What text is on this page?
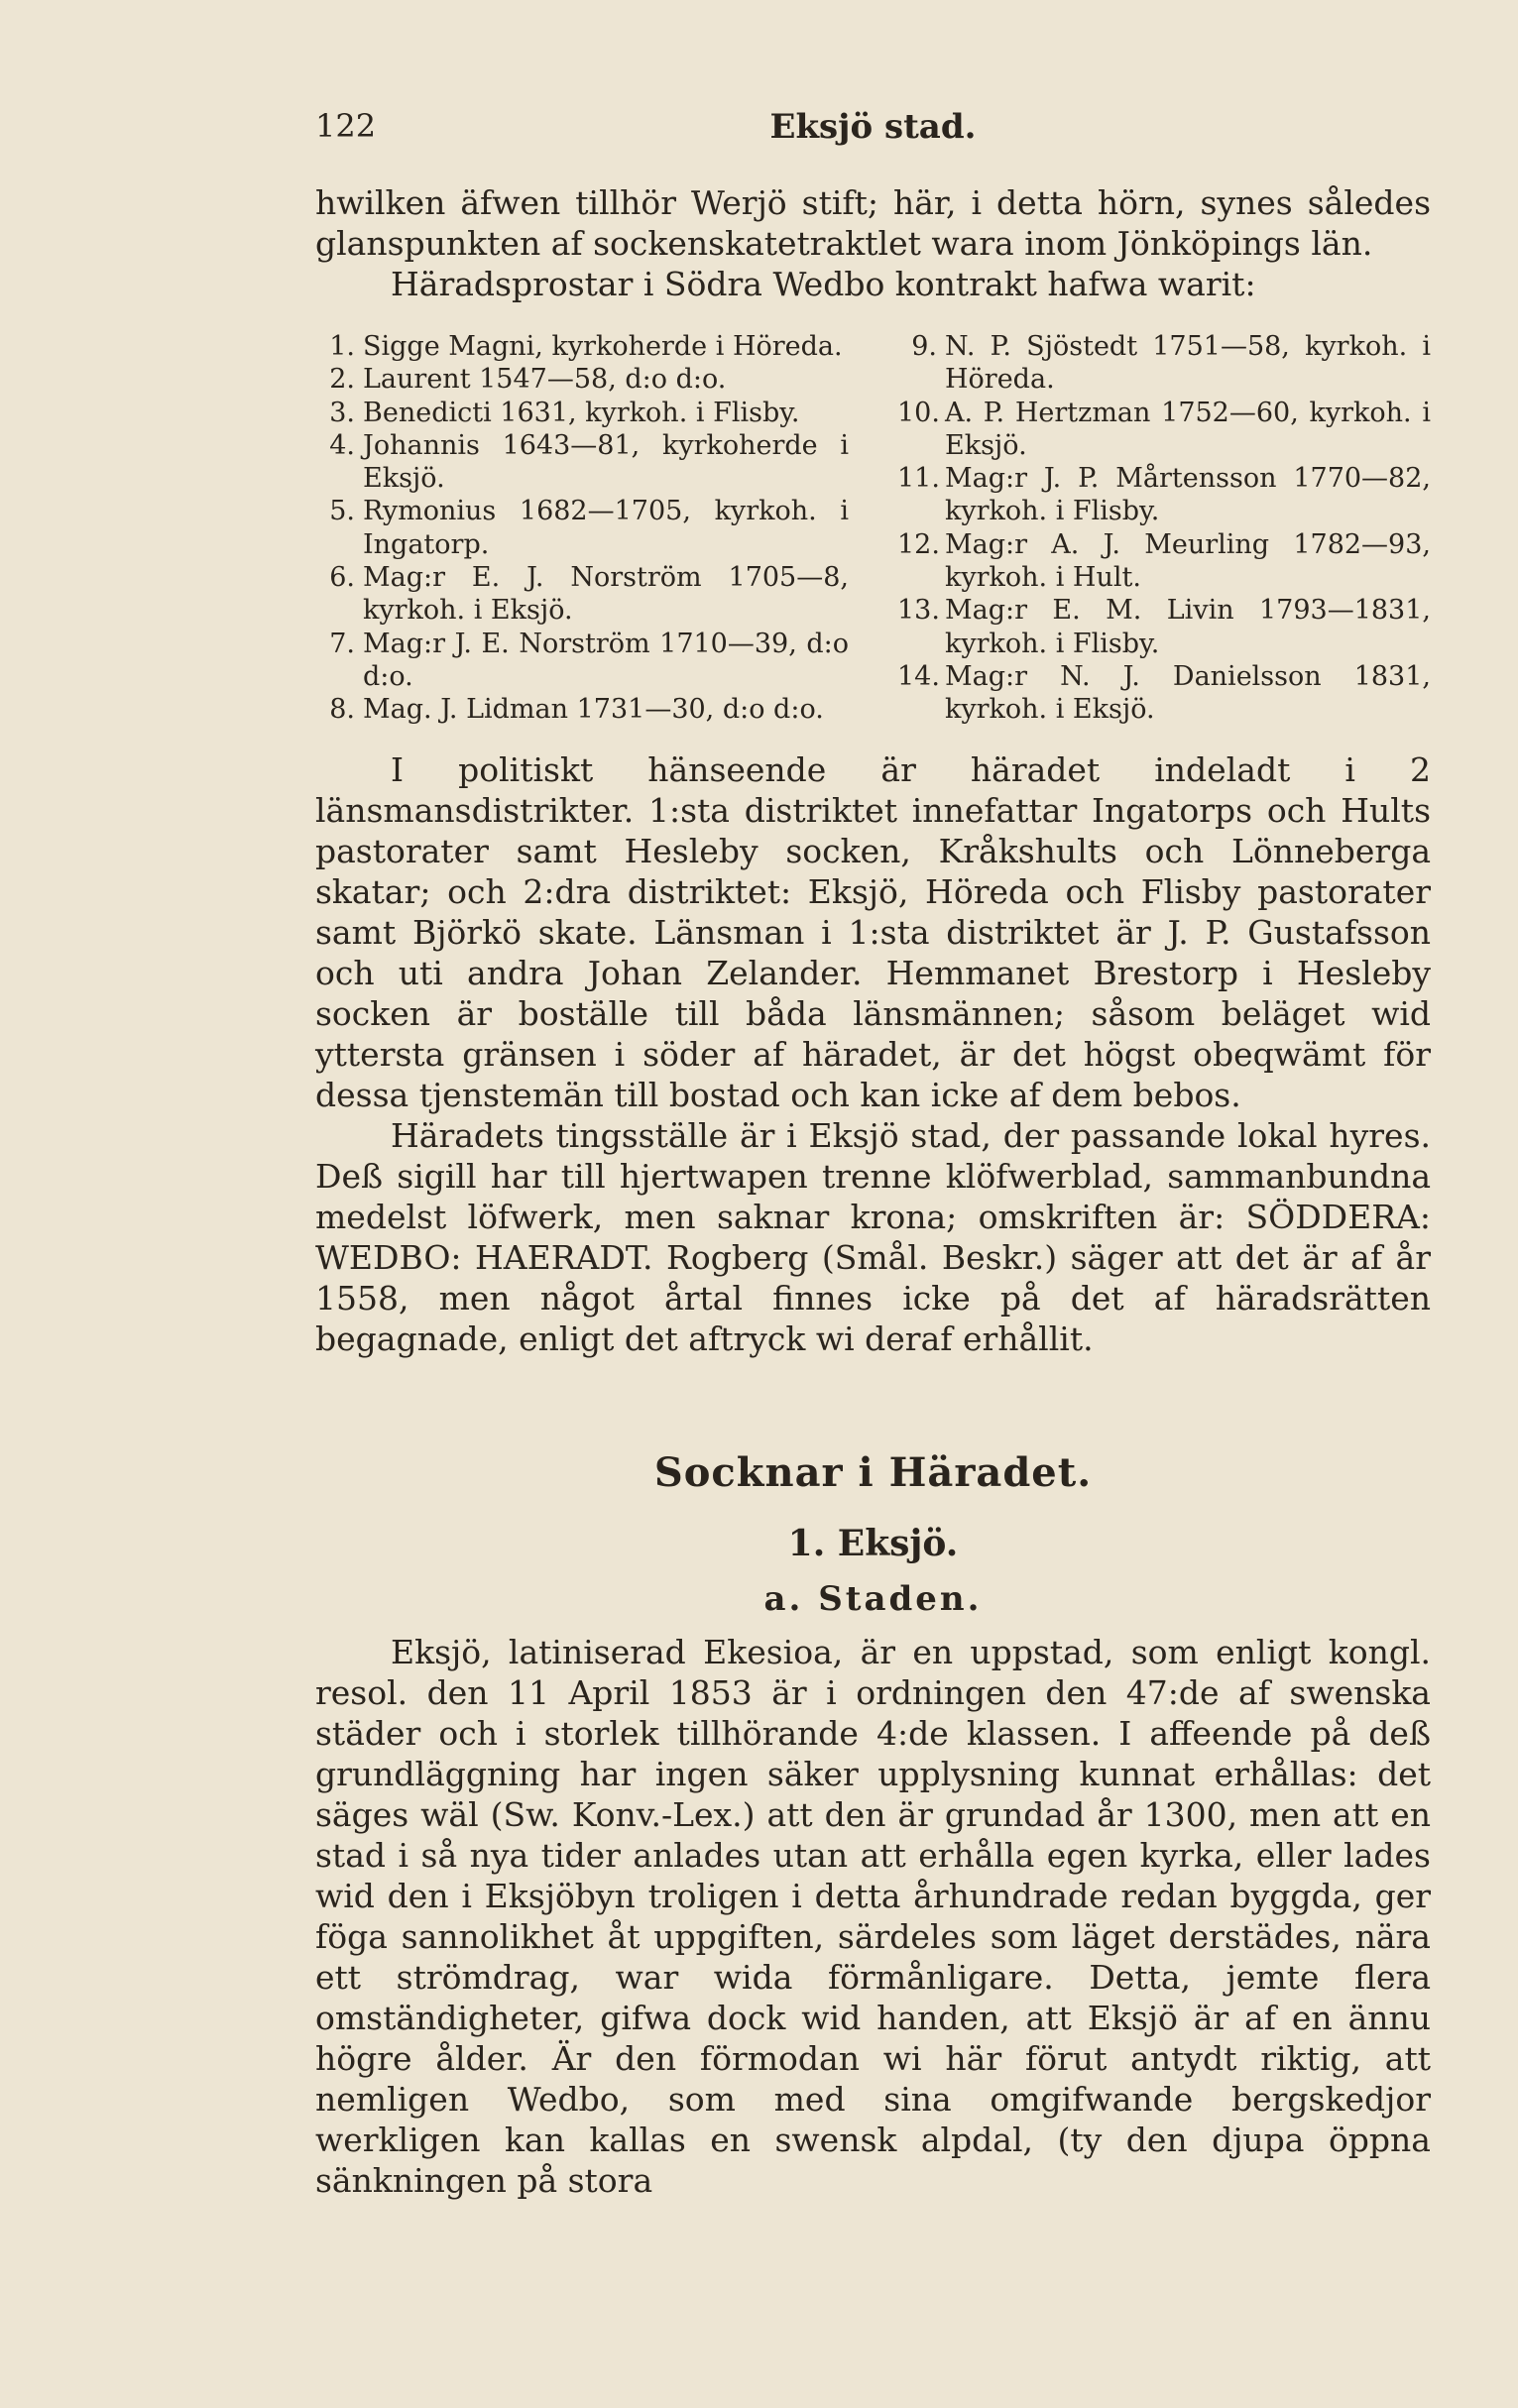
122	Eksjö stad.

hwilken äfwen tillhör Werjö stift; här, i detta hörn, synes således glanspunkten af sockenskatetraktlet wara inom Jönköpings län.

Häradsprostar i Södra Wedbo kontrakt hafwa warit:

1. Sigge Magni, kyrkoherde i Höreda.
2. Laurent 1547—58, d:o d:o.
3. Benedicti 1631, kyrkoh. i Flisby.
4. Johannis 1643—81, kyrkoherde i Eksjö.
5. Rymonius 1682—1705, kyrkoh. i Ingatorp.
6. Mag:r E. J. Norström 1705—8, kyrkoh. i Eksjö.
7. Mag:r J. E. Norström 1710—39, d:o d:o.
8. Mag. J. Lidman 1731—30, d:o d:o.
9. N. P. Sjöstedt 1751—58, kyrkoh. i Höreda.
10. A. P. Hertzman 1752—60, kyrkoh. i Eksjö.
11. Mag:r J. P. Mårtensson 1770—82, kyrkoh. i Flisby.
12. Mag:r A. J. Meurling 1782—93, kyrkoh. i Hult.
13. Mag:r E. M. Livin 1793—1831, kyrkoh. i Flisby.
14. Mag:r N. J. Danielsson 1831, kyrkoh. i Eksjö.

I politiskt hänseende är häradet indeladt i 2 länsmansdistrikter. 1:sta distriktet innefattar Ingatorps och Hults pastorater samt Hesleby socken, Kråkshults och Lönneberga skatar; och 2:dra distriktet: Eksjö, Höreda och Flisby pastorater samt Björkö skate. Länsman i 1:sta distriktet är J. P. Gustafsson och uti andra Johan Zelander. Hemmanet Brestorp i Hesleby socken är boställe till båda länsmännen; såsom beläget wid yttersta gränsen i söder af häradet, är det högst obeqwämt för dessa tjenstemän till bostad och kan icke af dem bebos.

Häradets tingsställe är i Eksjö stad, der passande lokal hyres. Deß sigill har till hjertwapen trenne klöfwerblad, sammanbundna medelst löfwerk, men saknar krona; omskriften är: SÖDDERA: WEDBO: HAERADT. Rogberg (Smål. Beskr.) säger att det är af år 1558, men något årtal finnes icke på det af häradsrätten begagnade, enligt det aftryck wi deraf erhållit.

Socknar i Häradet.
1. Eksjö.
a. Staden.

Eksjö, latiniserad Ekesioa, är en uppstad, som enligt kongl. resol. den 11 April 1853 är i ordningen den 47:de af swenska städer och i storlek tillhörande 4:de klassen. I affeende på deß grundläggning har ingen säker upplysning kunnat erhållas: det säges wäl (Sw. Konv.-Lex.) att den är grundad år 1300, men att en stad i så nya tider anlades utan att erhålla egen kyrka, eller lades wid den i Eksjöbyn troligen i detta århundrade redan byggda, ger föga sannolikhet åt uppgiften, särdeles som läget derstädes, nära ett strömdrag, war wida förmånligare. Detta, jemte flera omständigheter, gifwa dock wid handen, att Eksjö är af en ännu högre ålder. Är den förmodan wi här förut antydt riktig, att nemligen Wedbo, som med sina omgifwande bergskedjor werkligen kan kallas en swensk alpdal, (ty den djupa öppna sänkningen på stora
